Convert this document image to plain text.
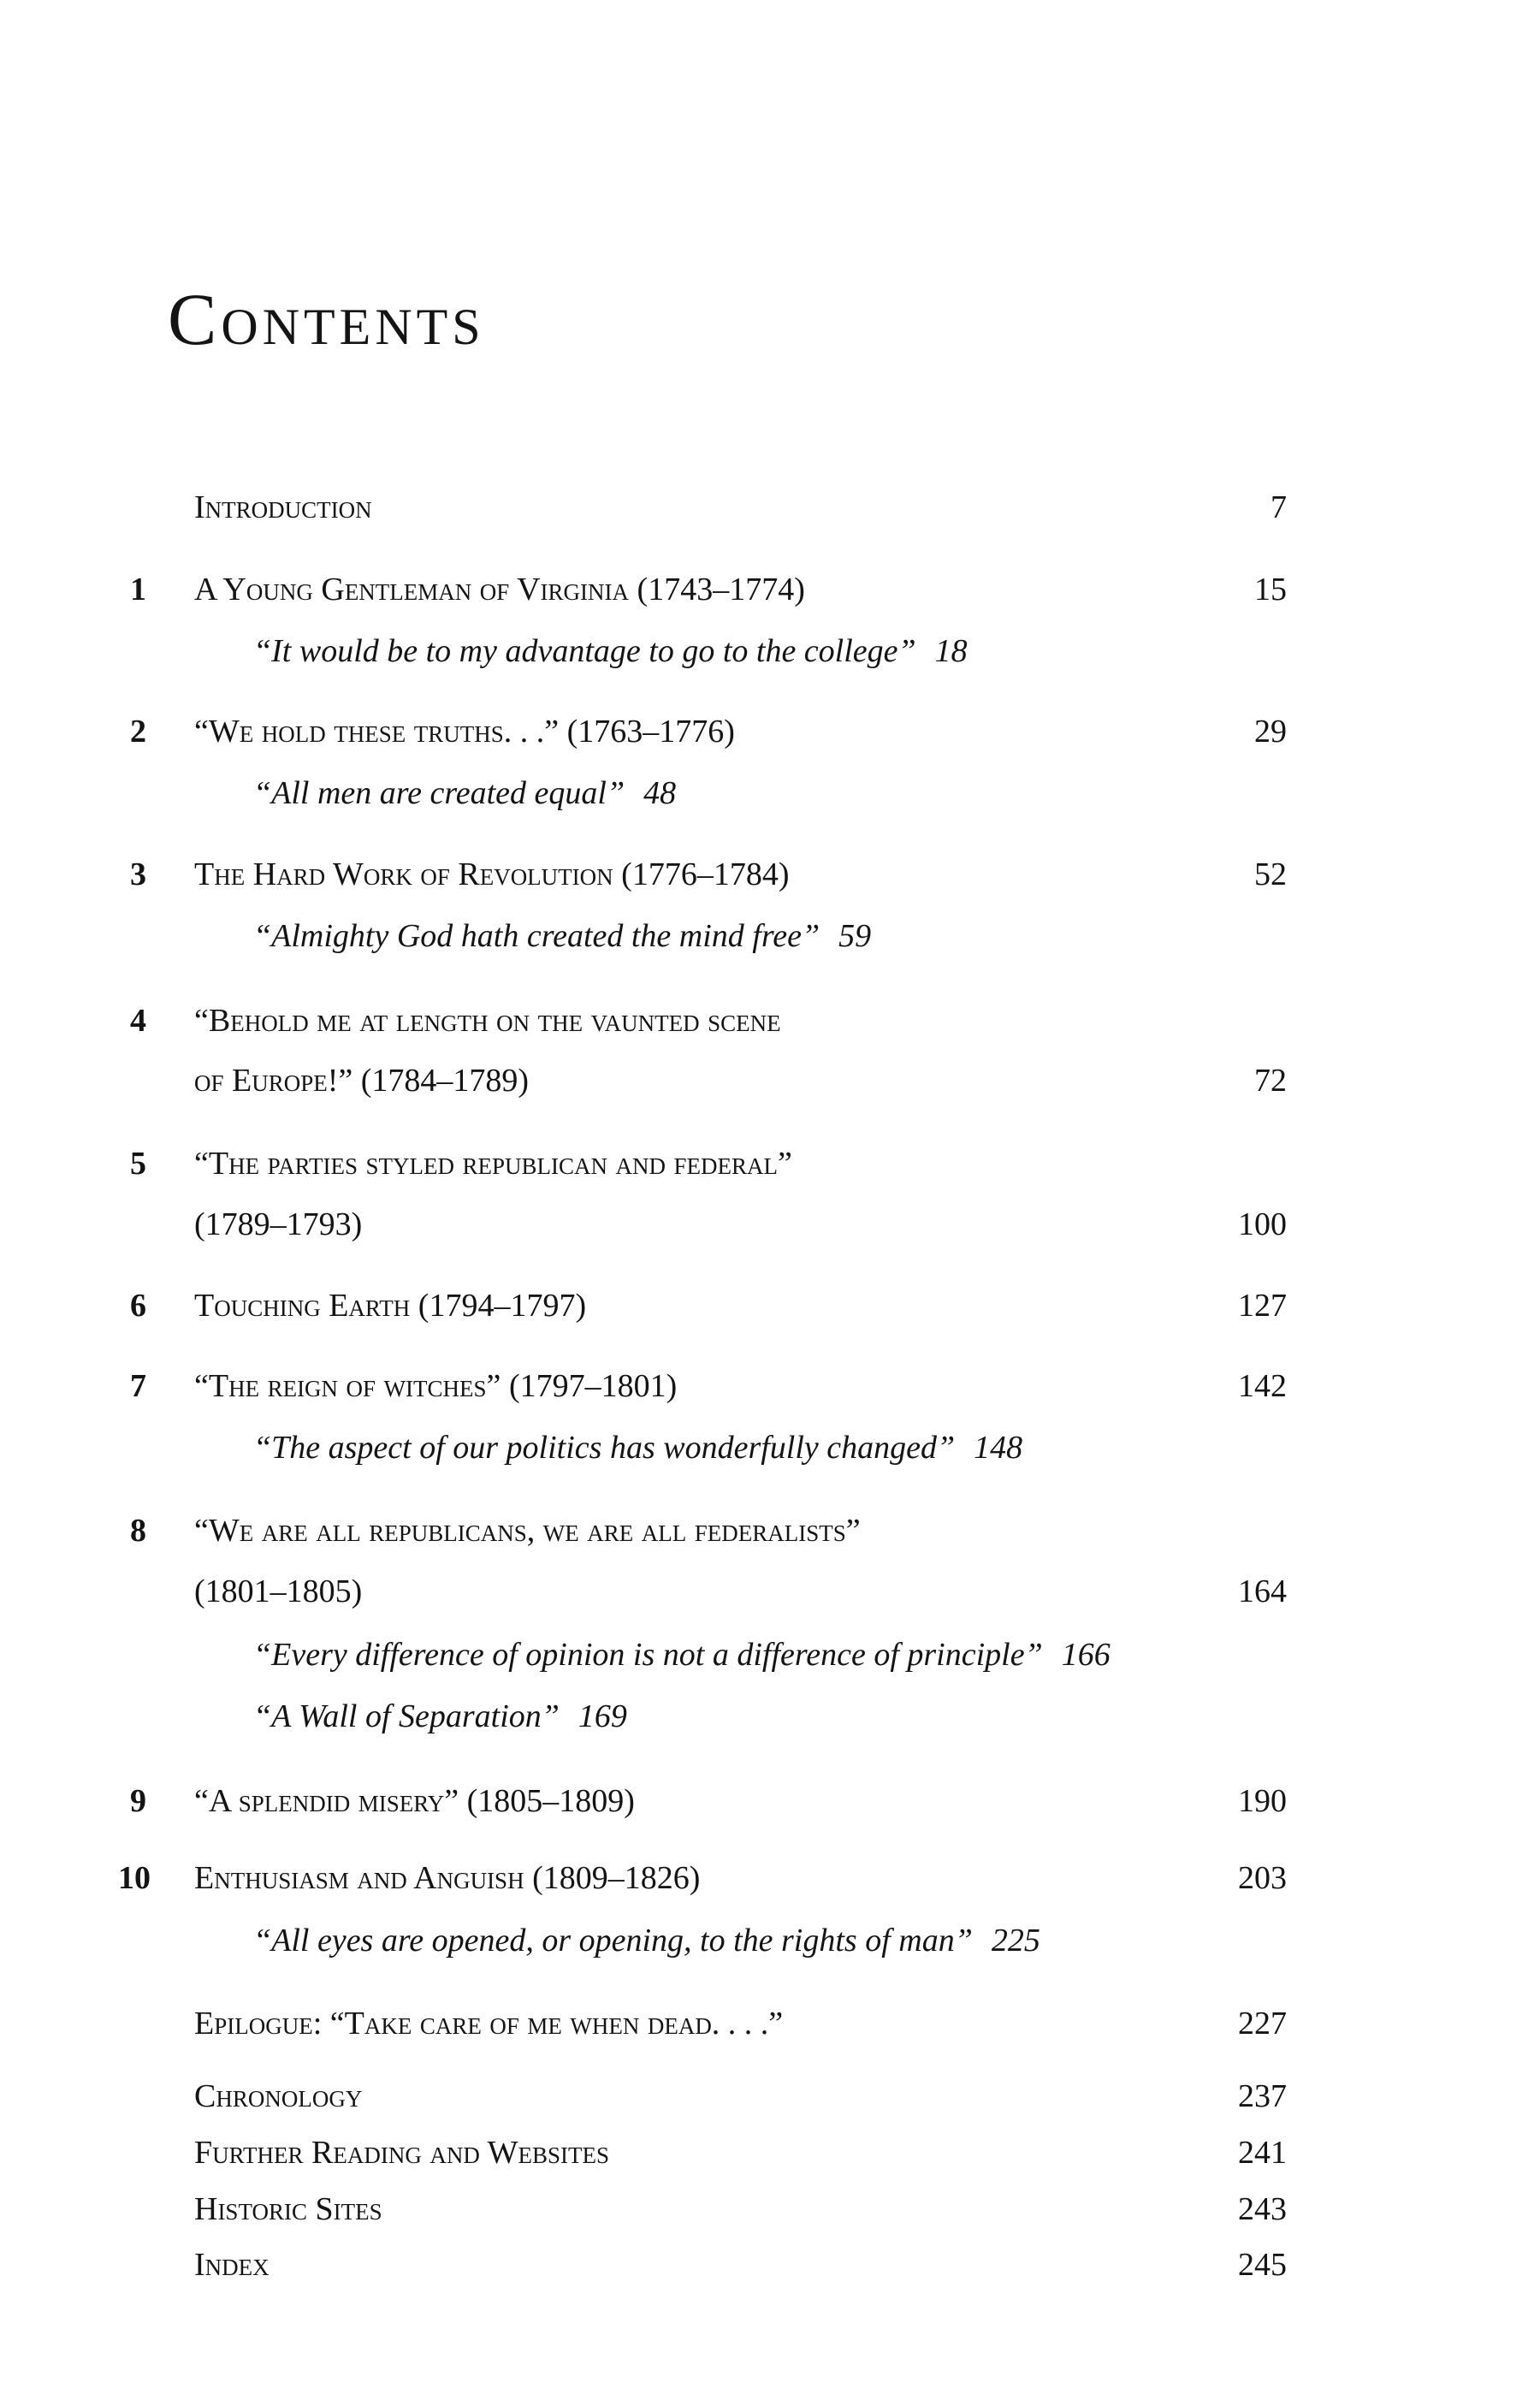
Contents
Introduction	7
1	A Young Gentleman of Virginia (1743–1774)	15
“It would be to my advantage to go to the college” 18
2	“We hold these truths. . .” (1763–1776)	29
“All men are created equal” 48
3	The Hard Work of Revolution (1776–1784)	52
“Almighty God hath created the mind free” 59
4	“Behold me at length on the vaunted scene
of Europe!” (1784–1789)	72
5	“The parties styled republican and federal”
(1789–1793)	100
6	Touching Earth (1794–1797)	127
7	“The reign of witches” (1797–1801)	142
“The aspect of our politics has wonderfully changed” 148
8	“We are all republicans, we are all federalists”
(1801–1805)	164
“Every difference of opinion is not a difference of principle” 166
“A Wall of Separation” 169
9	“A splendid misery” (1805–1809)	190
10	Enthusiasm and Anguish (1809–1826)	203
“All eyes are opened, or opening, to the rights of man” 225
Epilogue: “Take care of me when dead. . . .”	227
Chronology	237
Further Reading and Websites	241
Historic Sites	243
Index	245
